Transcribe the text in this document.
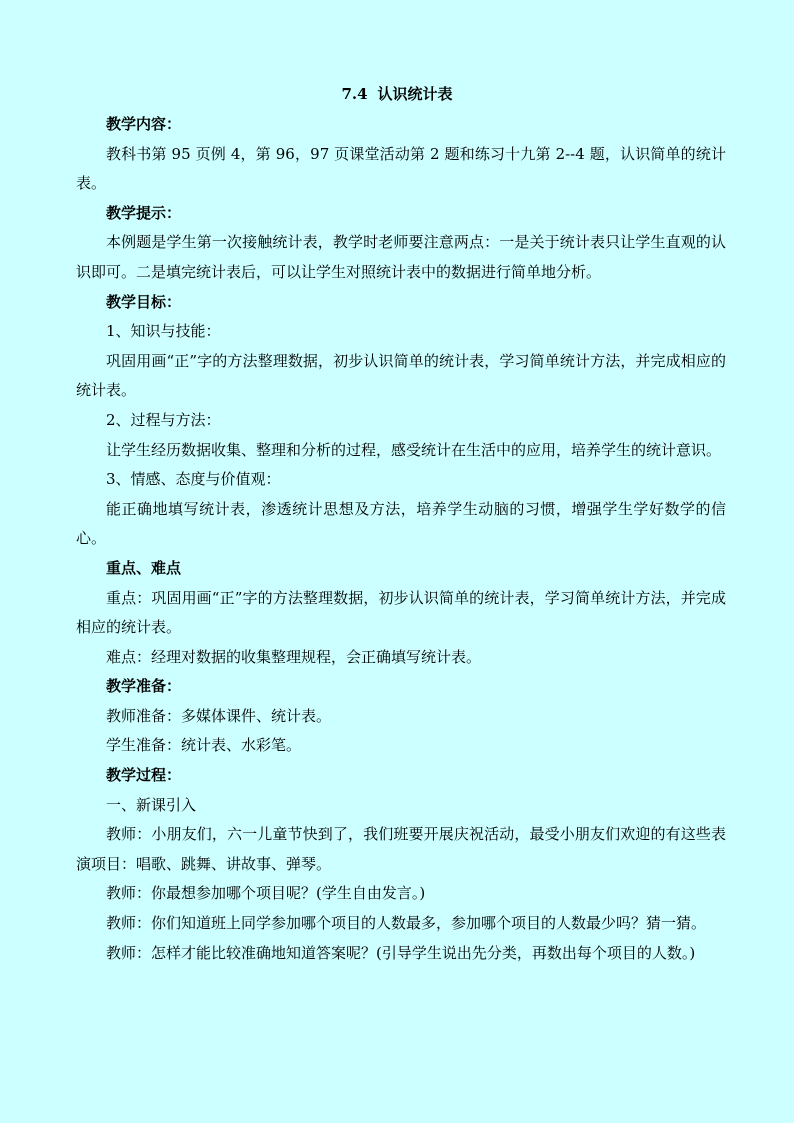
7.4 认识统计表

教学内容：

教科书第 95 页例 4，第 96，97 页课堂活动第 2 题和练习十九第 2--4 题，认识简单的统计表。

教学提示：

本例题是学生第一次接触统计表，教学时老师要注意两点：一是关于统计表只让学生直观的认识即可。二是填完统计表后，可以让学生对照统计表中的数据进行简单地分析。

教学目标：

1、知识与技能：

巩固用画“正”字的方法整理数据，初步认识简单的统计表，学习简单统计方法，并完成相应的统计表。

2、过程与方法：

让学生经历数据收集、整理和分析的过程，感受统计在生活中的应用，培养学生的统计意识。

3、情感、态度与价值观：

能正确地填写统计表，渗透统计思想及方法，培养学生动脑的习惯，增强学生学好数学的信心。

重点、难点

重点：巩固用画“正”字的方法整理数据，初步认识简单的统计表，学习简单统计方法，并完成相应的统计表。

难点：经理对数据的收集整理规程，会正确填写统计表。

教学准备：

教师准备：多媒体课件、统计表。

学生准备：统计表、水彩笔。

教学过程：

一、新课引入

教师：小朋友们，六一儿童节快到了，我们班要开展庆祝活动，最受小朋友们欢迎的有这些表演项目：唱歌、跳舞、讲故事、弹琴。

教师：你最想参加哪个项目呢？(学生自由发言。)

教师：你们知道班上同学参加哪个项目的人数最多，参加哪个项目的人数最少吗？猜一猜。

教师：怎样才能比较准确地知道答案呢？(引导学生说出先分类，再数出每个项目的人数。)
